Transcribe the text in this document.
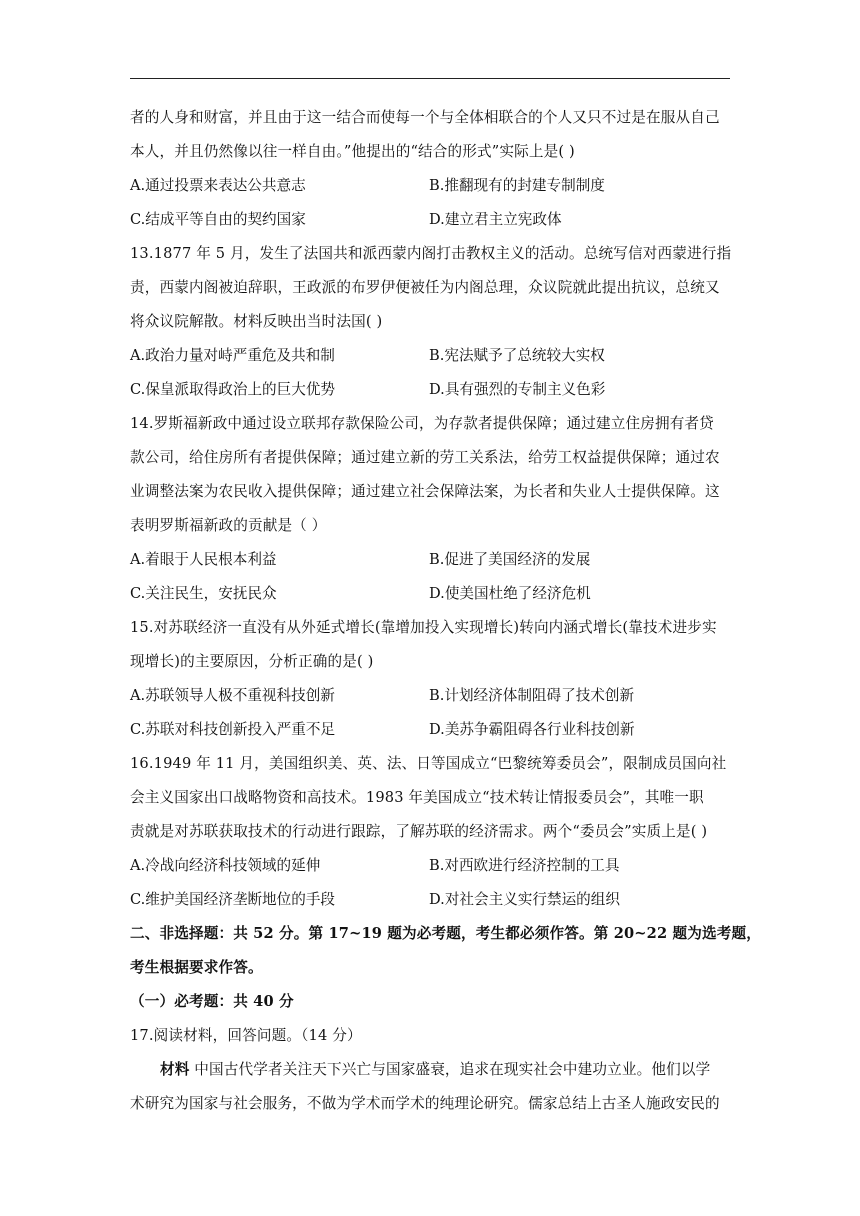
者的人身和财富，并且由于这一结合而使每一个与全体相联合的个人又只不过是在服从自己
本人，并且仍然像以往一样自由。”他提出的“结合的形式”实际上是( )
A.通过投票来表达公共意志	B.推翻现有的封建专制制度
C.结成平等自由的契约国家	D.建立君主立宪政体
13.1877 年 5 月，发生了法国共和派西蒙内阁打击教权主义的活动。总统写信对西蒙进行指
责，西蒙内阁被迫辞职，王政派的布罗伊便被任为内阁总理，众议院就此提出抗议，总统又
将众议院解散。材料反映出当时法国( )
A.政治力量对峙严重危及共和制	B.宪法赋予了总统较大实权
C.保皇派取得政治上的巨大优势	D.具有强烈的专制主义色彩
14.罗斯福新政中通过设立联邦存款保险公司，为存款者提供保障；通过建立住房拥有者贷
款公司，给住房所有者提供保障；通过建立新的劳工关系法，给劳工权益提供保障；通过农
业调整法案为农民收入提供保障；通过建立社会保障法案，为长者和失业人士提供保障。这
表明罗斯福新政的贡献是（ ）
A.着眼于人民根本利益	B.促进了美国经济的发展
C.关注民生，安抚民众	D.使美国杜绝了经济危机
15.对苏联经济一直没有从外延式增长(靠增加投入实现增长)转向内涵式增长(靠技术进步实
现增长)的主要原因，分析正确的是( )
A.苏联领导人极不重视科技创新	B.计划经济体制阻碍了技术创新
C.苏联对科技创新投入严重不足	D.美苏争霸阻碍各行业科技创新
16.1949 年 11 月，美国组织美、英、法、日等国成立“巴黎统筹委员会”，限制成员国向社
会主义国家出口战略物资和高技术。1983 年美国成立“技术转让情报委员会”，其唯一职
责就是对苏联获取技术的行动进行跟踪，了解苏联的经济需求。两个“委员会”实质上是( )
A.冷战向经济科技领域的延伸	B.对西欧进行经济控制的工具
C.维护美国经济垄断地位的手段	D.对社会主义实行禁运的组织
二、非选择题：共 52 分。第 17~19 题为必考题，考生都必须作答。第 20~22 题为选考题，
考生根据要求作答。
（一）必考题：共 40 分
17.阅读材料，回答问题。（14 分）
材料 中国古代学者关注天下兴亡与国家盛衰，追求在现实社会中建功立业。他们以学
术研究为国家与社会服务，不做为学术而学术的纯理论研究。儒家总结上古圣人施政安民的
